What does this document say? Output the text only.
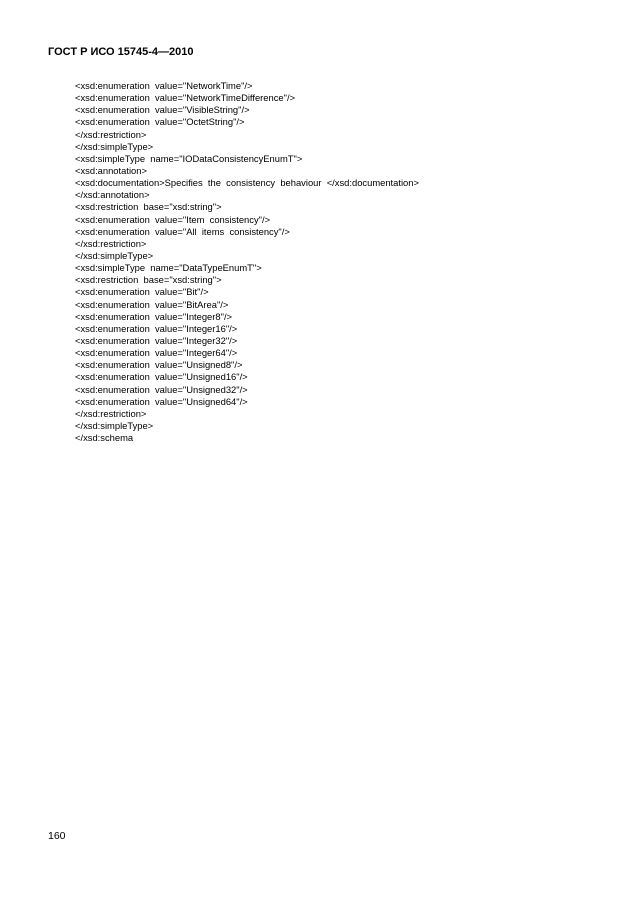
ГОСТ Р ИСО 15745-4—2010
<xsd:enumeration  value="NetworkTime"/>
<xsd:enumeration  value="NetworkTimeDifference"/>
<xsd:enumeration  value="VisibleString"/>
<xsd:enumeration  value="OctetString"/>
</xsd:restriction>
</xsd:simpleType>
<xsd:simpleType  name="IODataConsistencyEnumT">
<xsd:annotation>
<xsd:documentation>Specifies  the  consistency  behaviour  </xsd:documentation>
</xsd:annotation>
<xsd:restriction  base="xsd:string">
<xsd:enumeration  value="Item  consistency"/>
<xsd:enumeration  value="All  items  consistency"/>
</xsd:restriction>
</xsd:simpleType>
<xsd:simpleType  name="DataTypeEnumT">
<xsd:restriction  base="xsd:string">
<xsd:enumeration  value="Bit"/>
<xsd:enumeration  value="BitArea"/>
<xsd:enumeration  value="Integer8"/>
<xsd:enumeration  value="Integer16"/>
<xsd:enumeration  value="Integer32"/>
<xsd:enumeration  value="Integer64"/>
<xsd:enumeration  value="Unsigned8"/>
<xsd:enumeration  value="Unsigned16"/>
<xsd:enumeration  value="Unsigned32"/>
<xsd:enumeration  value="Unsigned64"/>
</xsd:restriction>
</xsd:simpleType>
</xsd:schema
160
